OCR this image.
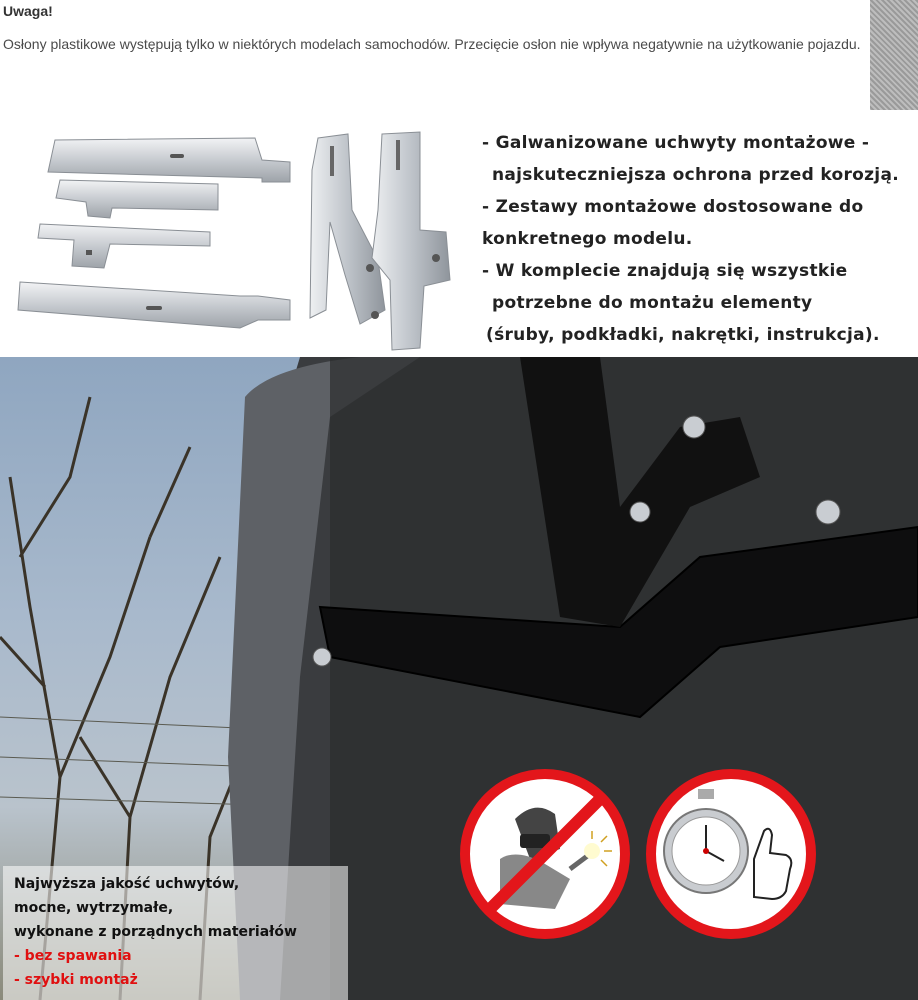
Uwaga!
Osłony plastikowe występują tylko w niektórych modelach samochodów. Przecięcie osłon nie wpływa negatywnie na użytkowanie pojazdu.
- Galwanizowane uchwyty montażowe -
najskuteczniejsza ochrona przed korozją.
- Zestawy montażowe dostosowane do
konkretnego modelu.
- W komplecie znajdują się wszystkie
potrzebne do montażu elementy
(śruby, podkładki, nakrętki, instrukcja).
Najwyższa jakość uchwytów,
mocne, wytrzymałe,
wykonane z porządnych materiałów
- bez spawania
- szybki montaż
